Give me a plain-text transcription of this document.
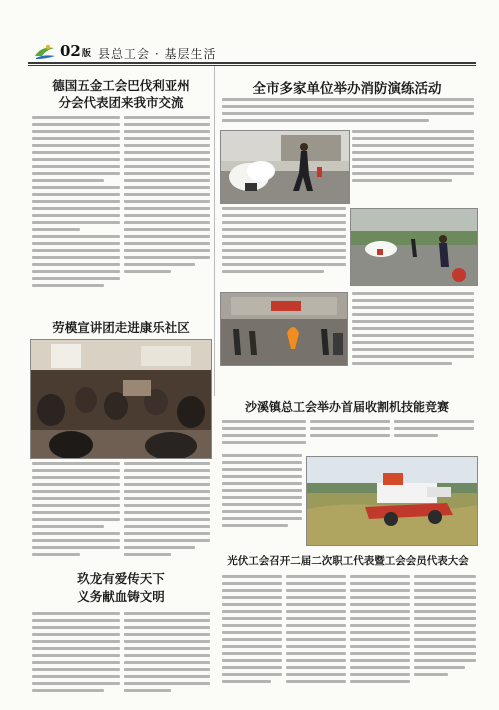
02版 县总工会 · 基层生活
德国五金工会巴伐利亚州
分会代表团来我市交流
劳模宣讲团走进康乐社区
玖龙有爱传天下
义务献血铸文明
全市多家单位举办消防演练活动
沙溪镇总工会举办首届收割机技能竞赛
光伏工会召开二届二次职工代表暨工会会员代表大会
